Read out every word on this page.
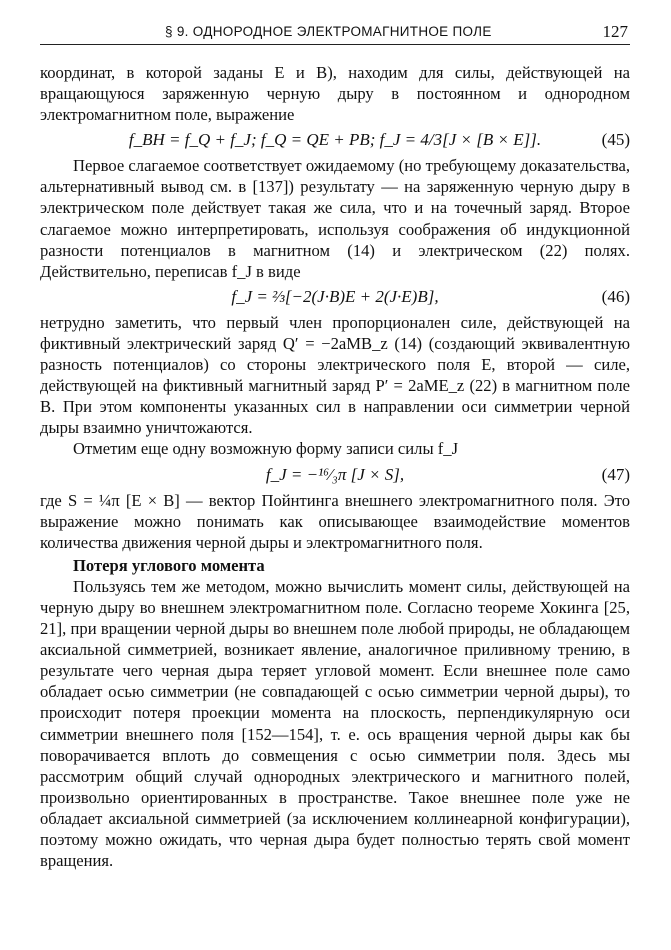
§ 9. ОДНОРОДНОЕ ЭЛЕКТРОМАГНИТНОЕ ПОЛЕ	127

координат, в которой заданы E и B), находим для силы, действующей на вращающуюся заряженную черную дыру в постоянном и однородном электромагнитном поле, выражение

f_BH = f_Q + f_J; f_Q = QE + PB; f_J = 4/3[J × [B × E]].	(45)

Первое слагаемое соответствует ожидаемому (но требующему доказательства, альтернативный вывод см. в [137]) результату — на заряженную черную дыру в электрическом поле действует такая же сила, что и на точечный заряд. Второе слагаемое можно интерпретировать, используя соображения об индукционной разности потенциалов в магнитном (14) и электрическом (22) полях. Действительно, переписав f_J в виде

f_J = ⅔[−2(J·B)E + 2(J·E)B],	(46)

нетрудно заметить, что первый член пропорционален силе, действующей на фиктивный электрический заряд Q′ = −2aMB_z (14) (создающий эквивалентную разность потенциалов) со стороны электрического поля E, второй — силе, действующей на фиктивный магнитный заряд P′ = 2aME_z (22) в магнитном поле B. При этом компоненты указанных сил в направлении оси симметрии черной дыры взаимно уничтожаются.

Отметим еще одну возможную форму записи силы f_J

f_J = −¹⁶⁄₃π [J × S],	(47)

где S = ¼π [E × B] — вектор Пойнтинга внешнего электромагнитного поля. Это выражение можно понимать как описывающее взаимодействие моментов количества движения черной дыры и электромагнитного поля.

Потеря углового момента

Пользуясь тем же методом, можно вычислить момент силы, действующей на черную дыру во внешнем электромагнитном поле. Согласно теореме Хокинга [25, 21], при вращении черной дыры во внешнем поле любой природы, не обладающем аксиальной симметрией, возникает явление, аналогичное приливному трению, в результате чего черная дыра теряет угловой момент. Если внешнее поле само обладает осью симметрии (не совпадающей с осью симметрии черной дыры), то происходит потеря проекции момента на плоскость, перпендикулярную оси симметрии внешнего поля [152—154], т. е. ось вращения черной дыры как бы поворачивается вплоть до совмещения с осью симметрии поля. Здесь мы рассмотрим общий случай однородных электрического и магнитного полей, произвольно ориентированных в пространстве. Такое внешнее поле уже не обладает аксиальной симметрией (за исключением коллинеарной конфигурации), поэтому можно ожидать, что черная дыра будет полностью терять свой момент вращения.
